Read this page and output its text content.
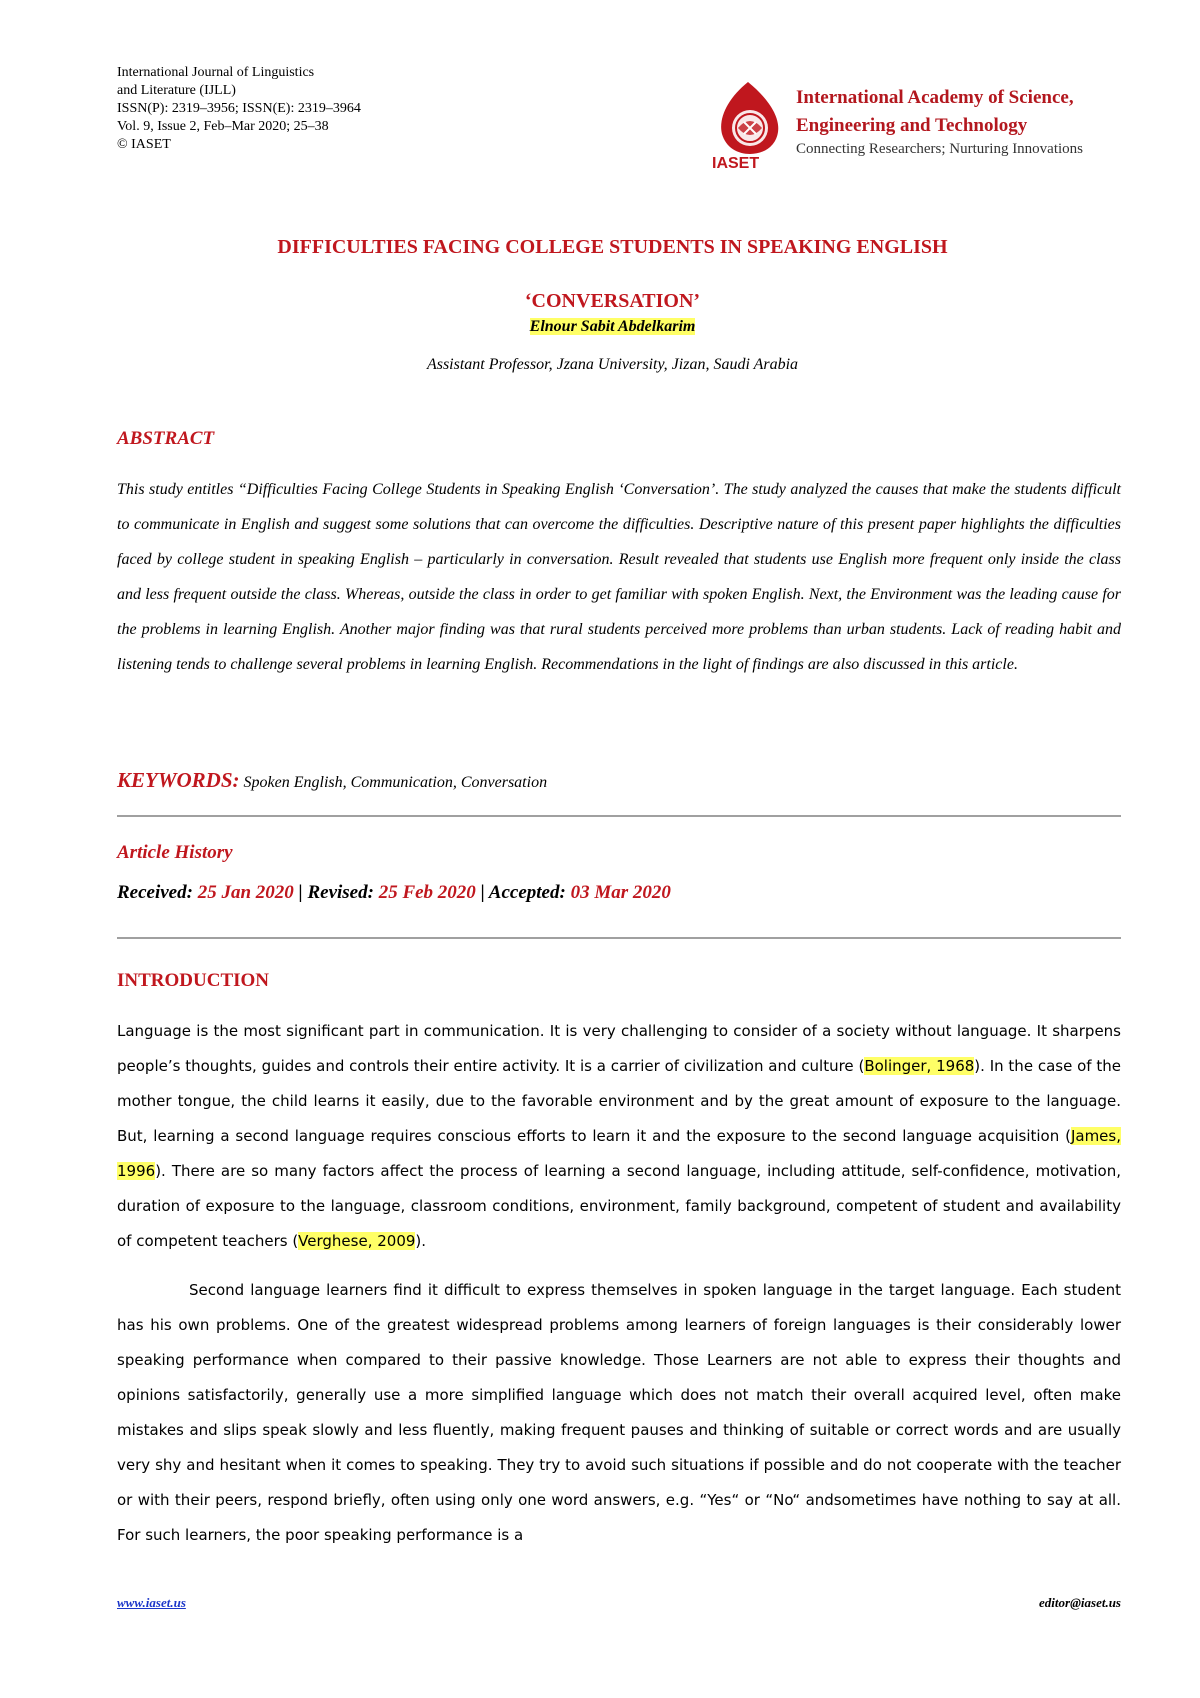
International Journal of Linguistics
and Literature (IJLL)
ISSN(P): 2319–3956; ISSN(E): 2319–3964
Vol. 9, Issue 2, Feb–Mar 2020; 25–38
© IASET
IASET
International Academy of Science,
Engineering and Technology
Connecting Researchers; Nurturing Innovations
DIFFICULTIES FACING COLLEGE STUDENTS IN SPEAKING ENGLISH
‘CONVERSATION’
Elnour Sabit Abdelkarim
Assistant Professor, Jzana University, Jizan, Saudi Arabia
ABSTRACT
This study entitles “Difficulties Facing College Students in Speaking English ‘Conversation’. The study analyzed the causes that make the students difficult to communicate in English and suggest some solutions that can overcome the difficulties. Descriptive nature of this present paper highlights the difficulties faced by college student in speaking English – particularly in conversation. Result revealed that students use English more frequent only inside the class and less frequent outside the class. Whereas, outside the class in order to get familiar with spoken English. Next, the Environment was the leading cause for the problems in learning English. Another major finding was that rural students perceived more problems than urban students. Lack of reading habit and listening tends to challenge several problems in learning English. Recommendations in the light of findings are also discussed in this article.
KEYWORDS: Spoken English, Communication, Conversation
Article History
Received: 25 Jan 2020 | Revised: 25 Feb 2020 | Accepted: 03 Mar 2020
INTRODUCTION

Language is the most significant part in communication. It is very challenging to consider of a society without language. It sharpens people’s thoughts, guides and controls their entire activity. It is a carrier of civilization and culture (Bolinger, 1968). In the case of the mother tongue, the child learns it easily, due to the favorable environment and by the great amount of exposure to the language. But, learning a second language requires conscious efforts to learn it and the exposure to the second language acquisition (James, 1996). There are so many factors affect the process of learning a second language, including attitude, self-confidence, motivation, duration of exposure to the language, classroom conditions, environment, family background, competent of student and availability of competent teachers (Verghese, 2009).

Second language learners find it difficult to express themselves in spoken language in the target language. Each student has his own problems. One of the greatest widespread problems among learners of foreign languages is their considerably lower speaking performance when compared to their passive knowledge. Those Learners are not able to express their thoughts and opinions satisfactorily, generally use a more simplified language which does not match their overall acquired level, often make mistakes and slips speak slowly and less fluently, making frequent pauses and thinking of suitable or correct words and are usually very shy and hesitant when it comes to speaking. They try to avoid such situations if possible and do not cooperate with the teacher or with their peers, respond briefly, often using only one word answers, e.g. “Yes“ or “No“ andsometimes have nothing to say at all. For such learners, the poor speaking performance is a

www.iaset.us	editor@iaset.us
